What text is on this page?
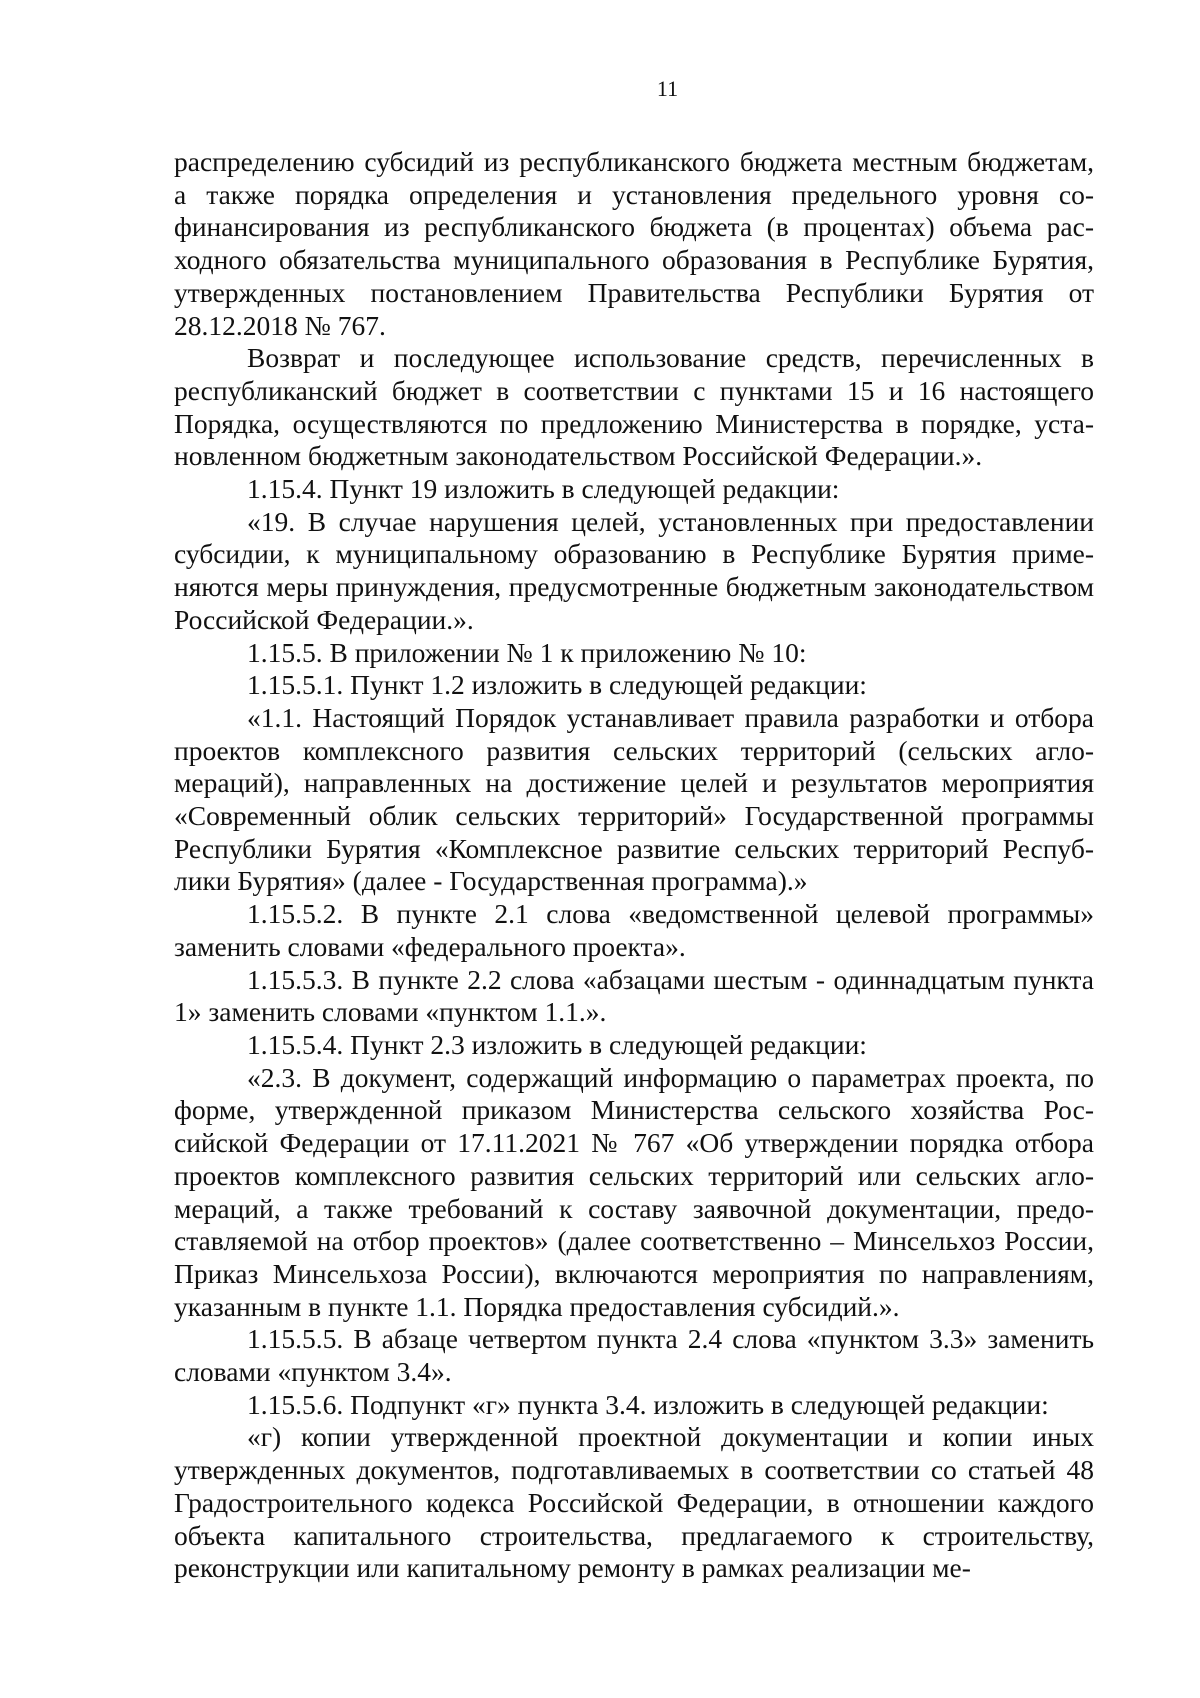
11

распределению субсидий из республиканского бюджета местным бюджетам, а также порядка определения и установления предельного уровня софинансирования из республиканского бюджета (в процентах) объема расходного обязательства муниципального образования в Республике Бурятия, утвержденных постановлением Правительства Республики Бурятия от 28.12.2018 № 767.

Возврат и последующее использование средств, перечисленных в республиканский бюджет в соответствии с пунктами 15 и 16 настоящего Порядка, осуществляются по предложению Министерства в порядке, установленном бюджетным законодательством Российской Федерации.».

1.15.4. Пункт 19 изложить в следующей редакции:

«19. В случае нарушения целей, установленных при предоставлении субсидии, к муниципальному образованию в Республике Бурятия применяются меры принуждения, предусмотренные бюджетным законодательством Российской Федерации.».

1.15.5. В приложении № 1 к приложению № 10:

1.15.5.1. Пункт 1.2 изложить в следующей редакции:

«1.1. Настоящий Порядок устанавливает правила разработки и отбора проектов комплексного развития сельских территорий (сельских агломераций), направленных на достижение целей и результатов мероприятия «Современный облик сельских территорий» Государственной программы Республики Бурятия «Комплексное развитие сельских территорий Республики Бурятия» (далее - Государственная программа).»

1.15.5.2. В пункте 2.1 слова «ведомственной целевой программы» заменить словами «федерального проекта».

1.15.5.3. В пункте 2.2 слова «абзацами шестым - одиннадцатым пункта 1» заменить словами «пунктом 1.1.».

1.15.5.4. Пункт 2.3 изложить в следующей редакции:

«2.3. В документ, содержащий информацию о параметрах проекта, по форме, утвержденной приказом Министерства сельского хозяйства Российской Федерации от 17.11.2021 № 767 «Об утверждении порядка отбора проектов комплексного развития сельских территорий или сельских агломераций, а также требований к составу заявочной документации, предоставляемой на отбор проектов» (далее соответственно – Минсельхоз России, Приказ Минсельхоза России), включаются мероприятия по направлениям, указанным в пункте 1.1. Порядка предоставления субсидий.».

1.15.5.5. В абзаце четвертом пункта 2.4 слова «пунктом 3.3» заменить словами «пунктом 3.4».

1.15.5.6. Подпункт «г» пункта 3.4. изложить в следующей редакции:

«г) копии утвержденной проектной документации и копии иных утвержденных документов, подготавливаемых в соответствии со статьей 48 Градостроительного кодекса Российской Федерации, в отношении каждого объекта капитального строительства, предлагаемого к строительству, реконструкции или капитальному ремонту в рамках реализации ме-
